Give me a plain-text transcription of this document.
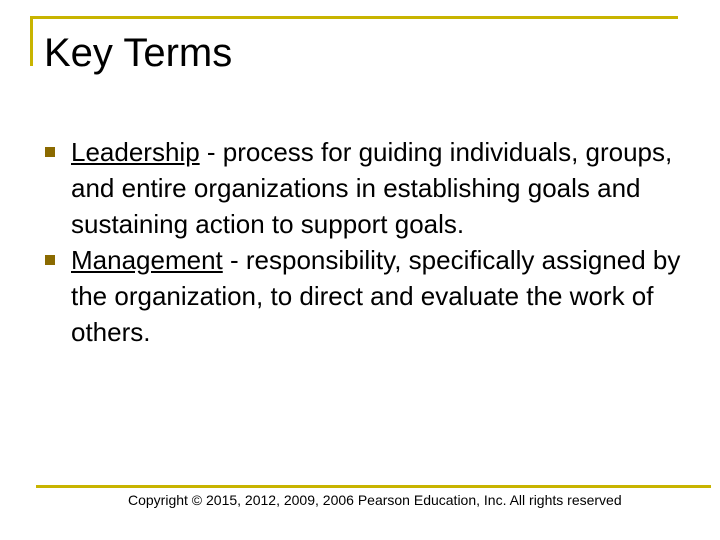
Key Terms
Leadership - process for guiding individuals, groups, and entire organizations in establishing goals and sustaining action to support goals.
Management - responsibility, specifically assigned by the organization, to direct and evaluate the work of others.
Copyright © 2015, 2012, 2009, 2006 Pearson Education, Inc. All rights reserved
